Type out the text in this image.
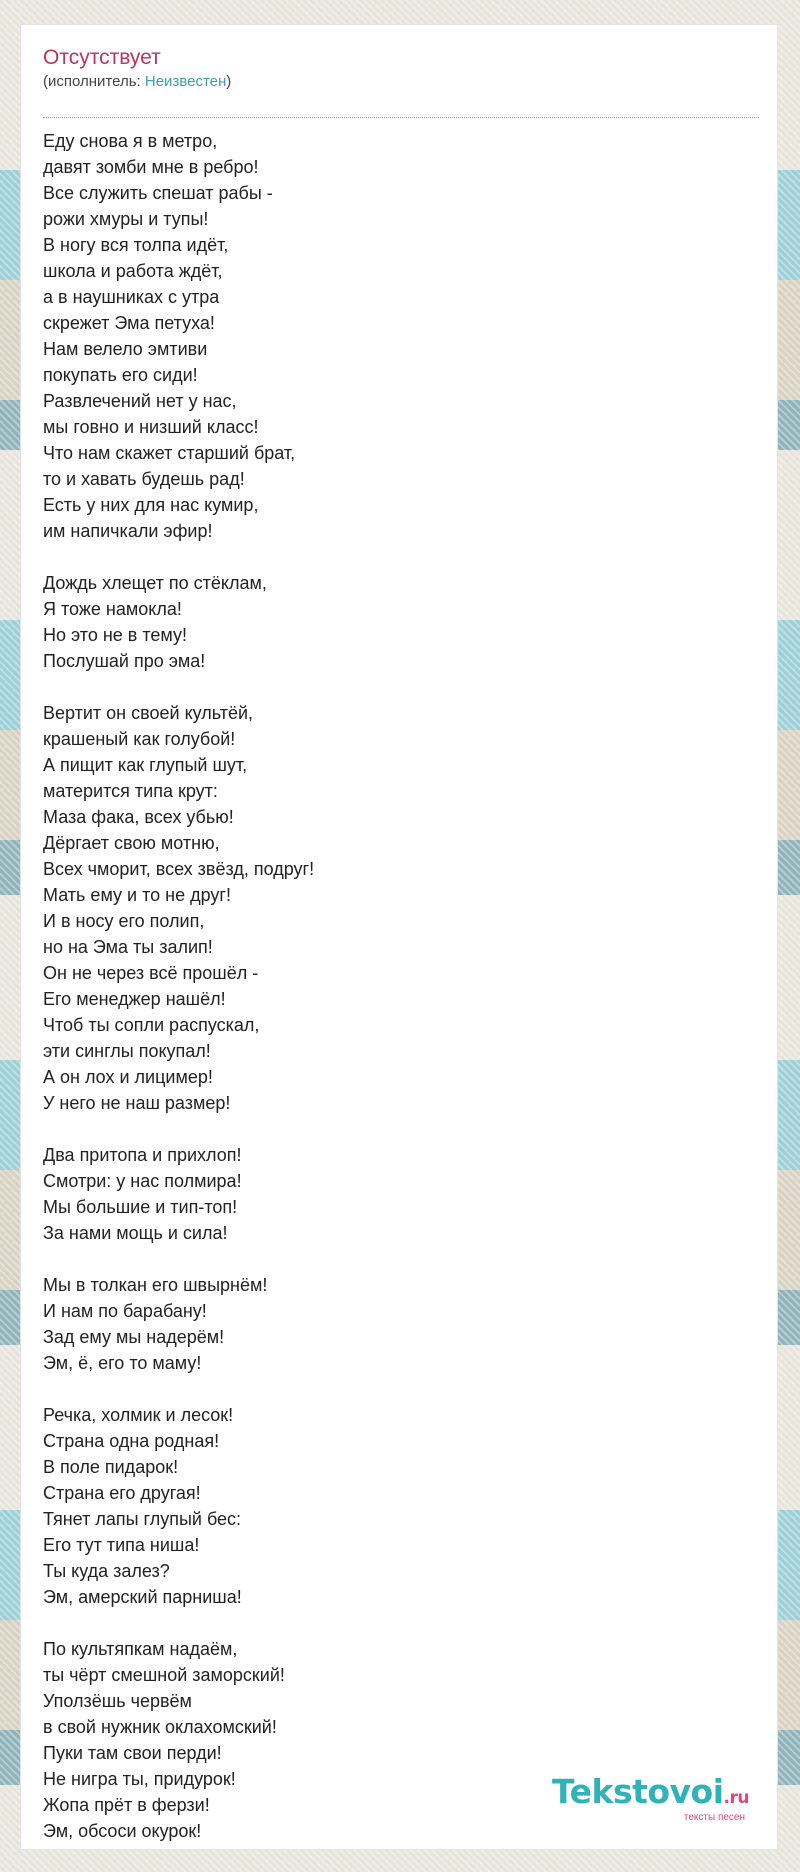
Отсутствует
(исполнитель: Неизвестен)
Еду снова я в метро,
давят зомби мне в ребро!
Все служить спешат рабы -
рожи хмуры и тупы!
В ногу вся толпа идёт,
школа и работа ждёт,
а в наушниках с утра
скрежет Эма петуха!
Нам велело эмтиви
покупать его сиди!
Развлечений нет у нас,
мы говно и низший класс!
Что нам скажет старший брат,
то и хавать будешь рад!
Есть у них для нас кумир,
им напичкали эфир!
Дождь хлещет по стёклам,
Я тоже намокла!
Но это не в тему!
Послушай про эма!
Вертит он своей культёй,
крашеный как голубой!
А пищит как глупый шут,
матерится типа крут:
Маза фака, всех убью!
Дёргает свою мотню,
Всех чморит, всех звёзд, подруг!
Мать ему и то не друг!
И в носу его полип,
но на Эма ты залип!
Он не через всё прошёл -
Его менеджер нашёл!
Чтоб ты сопли распускал,
эти синглы покупал!
А он лох и лицимер!
У него не наш размер!
Два притопа и прихлоп!
Смотри: у нас полмира!
Мы большие и тип-топ!
За нами мощь и сила!
Мы в толкан его швырнём!
И нам по барабану!
Зад ему мы надерём!
Эм, ё, его то маму!
Речка, холмик и лесок!
Страна одна родная!
В поле пидарок!
Страна его другая!
Тянет лапы глупый бес:
Его тут типа ниша!
Ты куда залез?
Эм, амерский парниша!
По культяпкам надаём,
ты чёрт смешной заморский!
Уползёшь червём
в свой нужник оклахомский!
Пуки там свои перди!
Не нигра ты, придурок!
Жопа прёт в ферзи!
Эм, обсоси окурок!
Tekstovoi.ru
тексты песен
